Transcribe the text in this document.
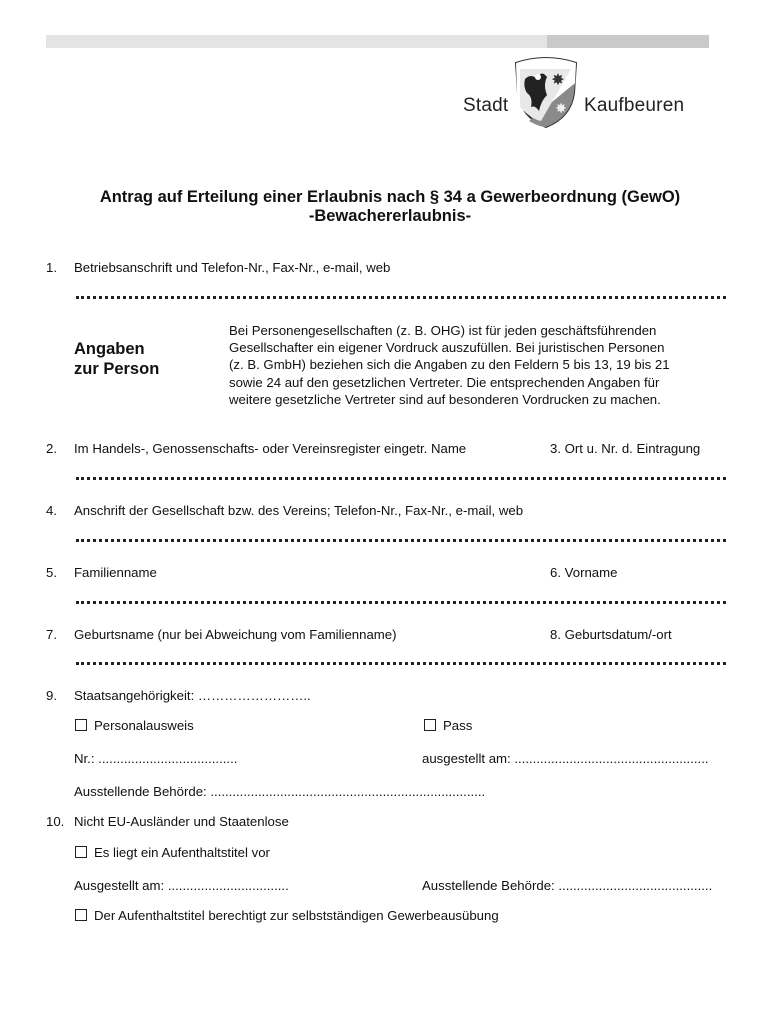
Stadt
✸
✸ Kaufbeuren
Antrag auf Erteilung einer Erlaubnis nach § 34 a Gewerbeordnung (GewO)
-Bewachererlaubnis-
1. Betriebsanschrift und Telefon-Nr., Fax-Nr., e-mail, web
Angaben
zur Person
Bei Personengesellschaften (z. B. OHG) ist für jeden geschäftsführenden
Gesellschafter ein eigener Vordruck auszufüllen. Bei juristischen Personen
(z. B. GmbH) beziehen sich die Angaben zu den Feldern 5 bis 13, 19 bis 21
sowie 24 auf den gesetzlichen Vertreter. Die entsprechenden Angaben für
weitere gesetzliche Vertreter sind auf besonderen Vordrucken zu machen.
2. Im Handels-, Genossenschafts- oder Vereinsregister eingetr. Name	3. Ort u. Nr. d. Eintragung
4. Anschrift der Gesellschaft bzw. des Vereins; Telefon-Nr., Fax-Nr., e-mail, web
5. Familienname	6. Vorname
7. Geburtsname (nur bei Abweichung vom Familienname)	8. Geburtsdatum/-ort
9. Staatsangehörigkeit: ……………………..
Personalausweis	Pass
Nr.: ......................................	ausgestellt am: .....................................................
Ausstellende Behörde: ...........................................................................
10. Nicht EU-Ausländer und Staatenlose
Es liegt ein Aufenthaltstitel vor
Ausgestellt am: .................................	Ausstellende Behörde: ..........................................
Der Aufenthaltstitel berechtigt zur selbstständigen Gewerbeausübung
